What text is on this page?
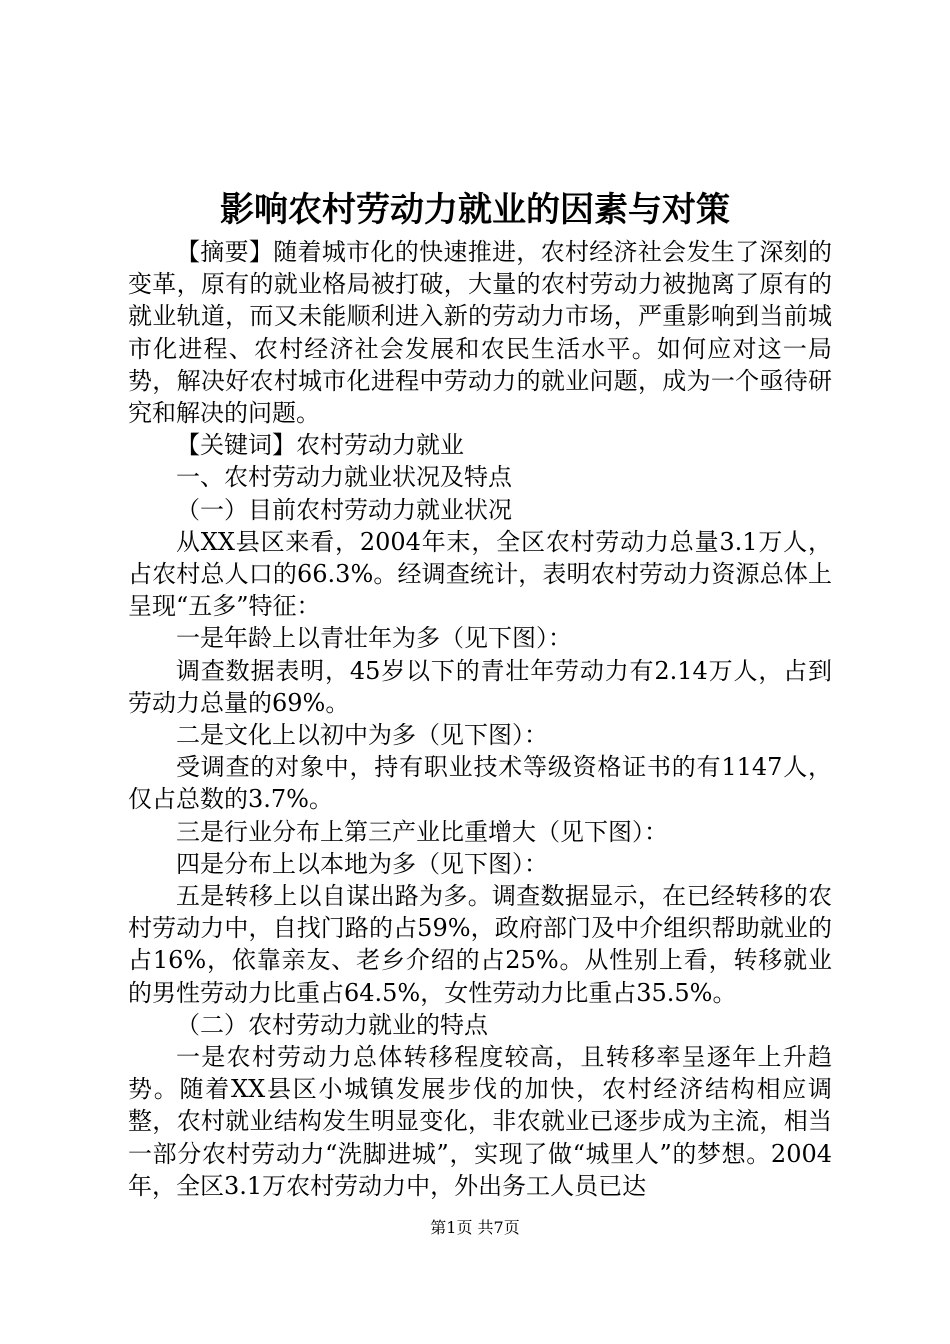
影响农村劳动力就业的因素与对策

【摘要】随着城市化的快速推进，农村经济社会发生了深刻的变革，原有的就业格局被打破，大量的农村劳动力被抛离了原有的就业轨道，而又未能顺利进入新的劳动力市场，严重影响到当前城市化进程、农村经济社会发展和农民生活水平。如何应对这一局势，解决好农村城市化进程中劳动力的就业问题，成为一个亟待研究和解决的问题。

【关键词】农村劳动力就业

一、农村劳动力就业状况及特点

（一）目前农村劳动力就业状况

从XX县区来看，2004年末，全区农村劳动力总量3.1万人，占农村总人口的66.3%。经调查统计，表明农村劳动力资源总体上呈现“五多”特征：

一是年龄上以青壮年为多（见下图）：

调查数据表明，45岁以下的青壮年劳动力有2.14万人，占到劳动力总量的69%。

二是文化上以初中为多（见下图）：

受调查的对象中，持有职业技术等级资格证书的有1147人，仅占总数的3.7%。

三是行业分布上第三产业比重增大（见下图）：

四是分布上以本地为多（见下图）：

五是转移上以自谋出路为多。调查数据显示，在已经转移的农村劳动力中，自找门路的占59%，政府部门及中介组织帮助就业的占16%，依靠亲友、老乡介绍的占25%。从性别上看，转移就业的男性劳动力比重占64.5%，女性劳动力比重占35.5%。

（二）农村劳动力就业的特点

一是农村劳动力总体转移程度较高，且转移率呈逐年上升趋势。随着XX县区小城镇发展步伐的加快，农村经济结构相应调整，农村就业结构发生明显变化，非农就业已逐步成为主流，相当一部分农村劳动力“洗脚进城”，实现了做“城里人”的梦想。2004年，全区3.1万农村劳动力中，外出务工人员已达

第1页 共7页
